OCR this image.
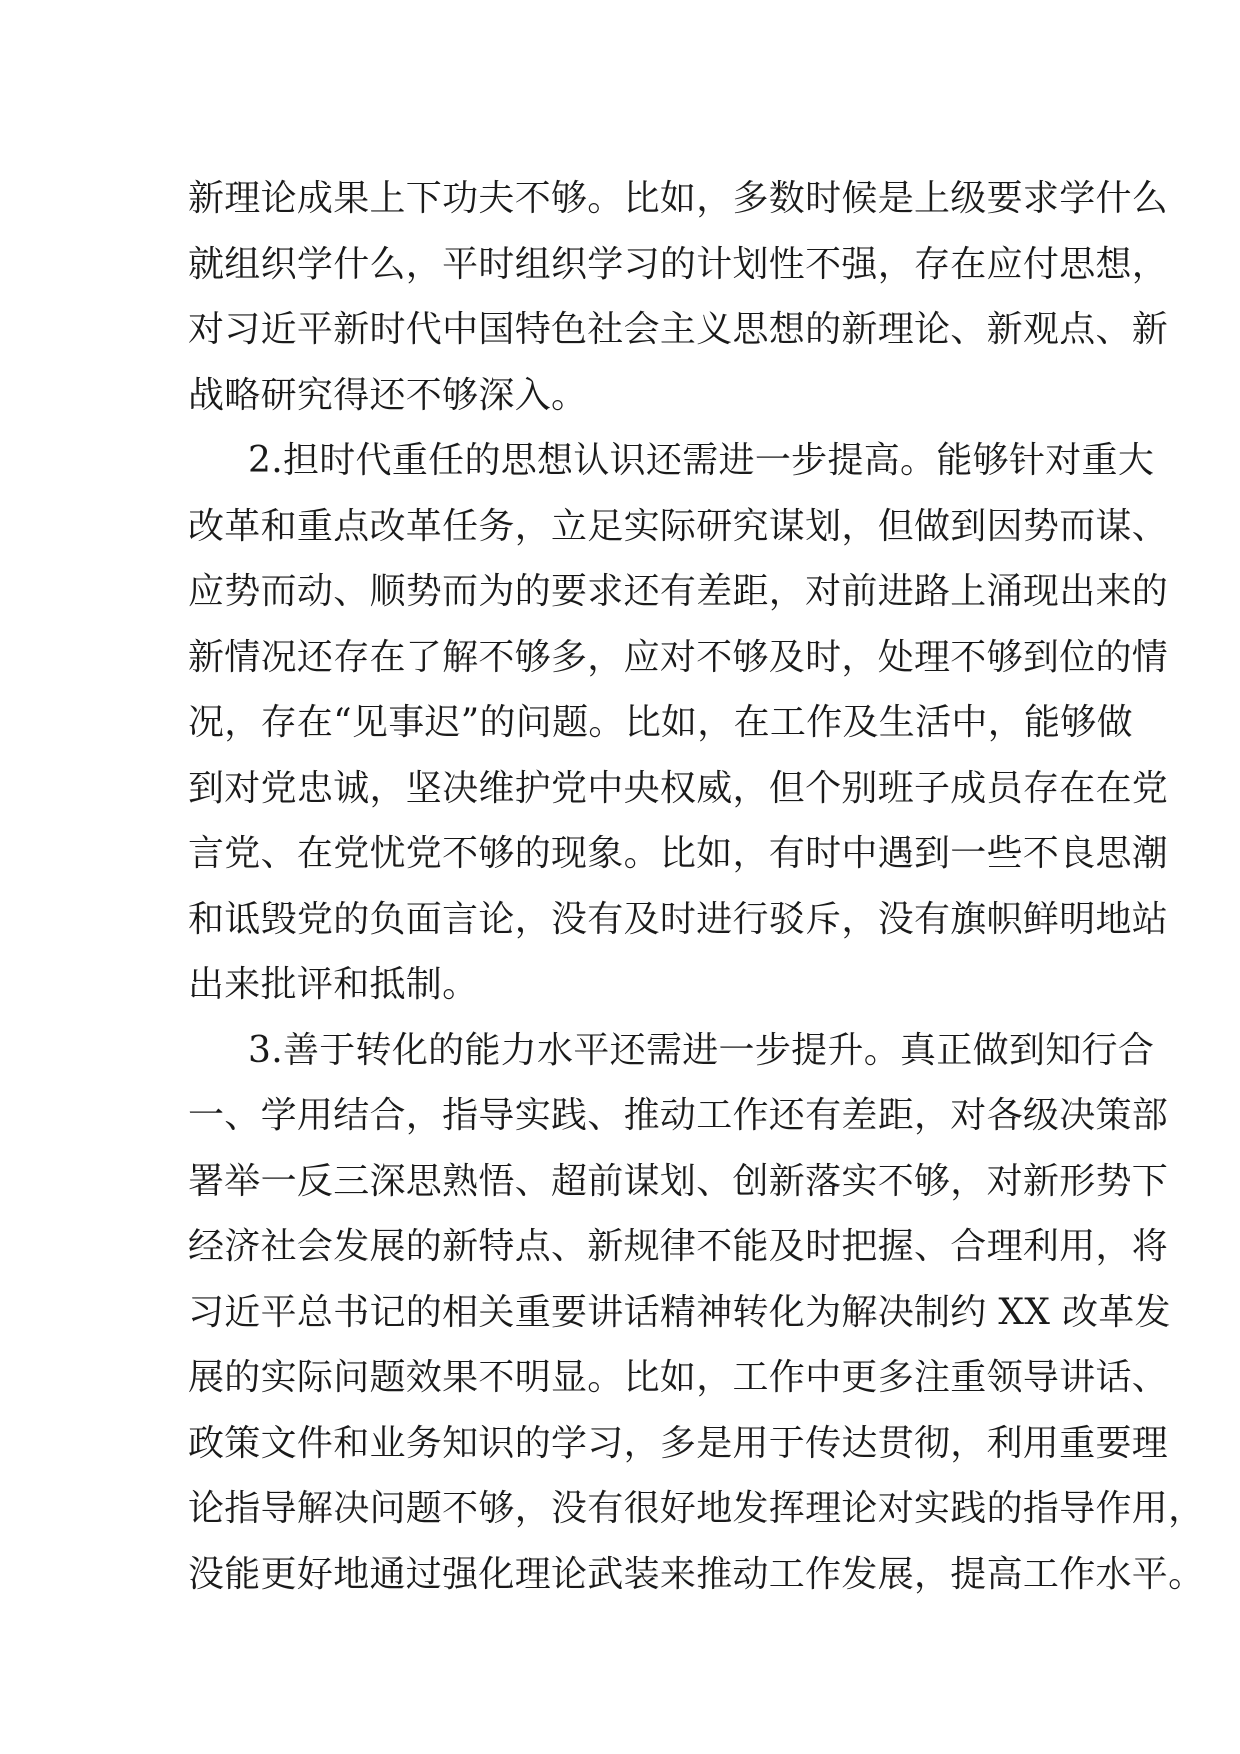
新理论成果上下功夫不够。比如，多数时候是上级要求学什么
就组织学什么，平时组织学习的计划性不强，存在应付思想，
对习近平新时代中国特色社会主义思想的新理论、新观点、新
战略研究得还不够深入。

2.担时代重任的思想认识还需进一步提高。能够针对重大
改革和重点改革任务，立足实际研究谋划，但做到因势而谋、
应势而动、顺势而为的要求还有差距，对前进路上涌现出来的
新情况还存在了解不够多，应对不够及时，处理不够到位的情
况，存在“见事迟”的问题。比如，在工作及生活中，能够做
到对党忠诚，坚决维护党中央权威，但个别班子成员存在在党
言党、在党忧党不够的现象。比如，有时中遇到一些不良思潮
和诋毁党的负面言论，没有及时进行驳斥，没有旗帜鲜明地站
出来批评和抵制。

3.善于转化的能力水平还需进一步提升。真正做到知行合
一、学用结合，指导实践、推动工作还有差距，对各级决策部
署举一反三深思熟悟、超前谋划、创新落实不够，对新形势下
经济社会发展的新特点、新规律不能及时把握、合理利用，将
习近平总书记的相关重要讲话精神转化为解决制约 XX 改革发
展的实际问题效果不明显。比如，工作中更多注重领导讲话、
政策文件和业务知识的学习，多是用于传达贯彻，利用重要理
论指导解决问题不够，没有很好地发挥理论对实践的指导作用，
没能更好地通过强化理论武装来推动工作发展，提高工作水平。
